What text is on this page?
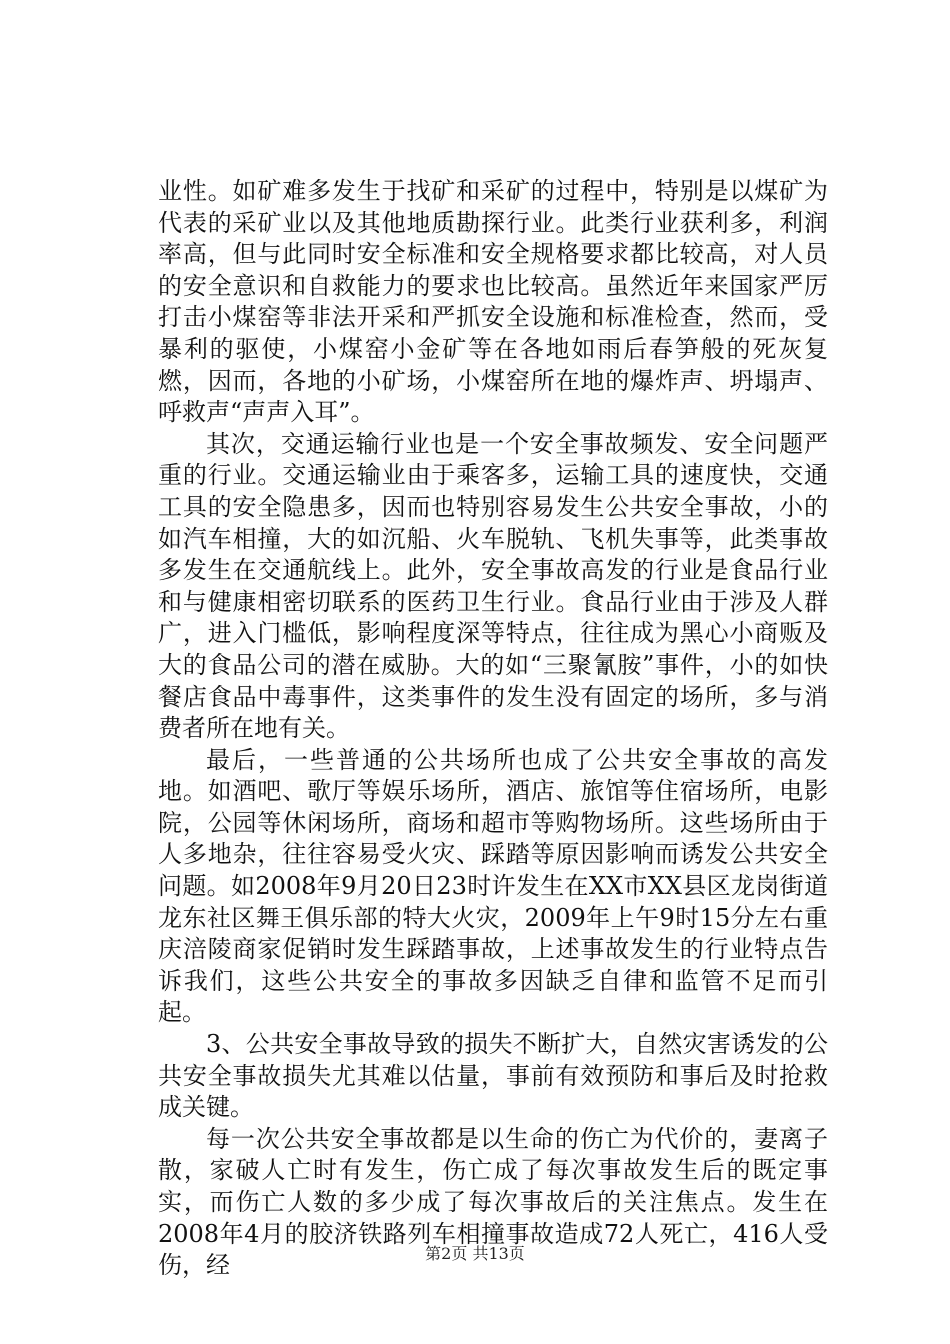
业性。如矿难多发生于找矿和采矿的过程中，特别是以煤矿为代表的采矿业以及其他地质勘探行业。此类行业获利多，利润率高，但与此同时安全标准和安全规格要求都比较高，对人员的安全意识和自救能力的要求也比较高。虽然近年来国家严厉打击小煤窑等非法开采和严抓安全设施和标准检查，然而，受暴利的驱使，小煤窑小金矿等在各地如雨后春笋般的死灰复燃，因而，各地的小矿场，小煤窑所在地的爆炸声、坍塌声、呼救声“声声入耳”。

其次，交通运输行业也是一个安全事故频发、安全问题严重的行业。交通运输业由于乘客多，运输工具的速度快，交通工具的安全隐患多，因而也特别容易发生公共安全事故，小的如汽车相撞，大的如沉船、火车脱轨、飞机失事等，此类事故多发生在交通航线上。此外，安全事故高发的行业是食品行业和与健康相密切联系的医药卫生行业。食品行业由于涉及人群广，进入门槛低，影响程度深等特点，往往成为黑心小商贩及大的食品公司的潜在威胁。大的如“三聚氰胺”事件，小的如快餐店食品中毒事件，这类事件的发生没有固定的场所，多与消费者所在地有关。

最后，一些普通的公共场所也成了公共安全事故的高发地。如酒吧、歌厅等娱乐场所，酒店、旅馆等住宿场所，电影院，公园等休闲场所，商场和超市等购物场所。这些场所由于人多地杂，往往容易受火灾、踩踏等原因影响而诱发公共安全问题。如2008年9月20日23时许发生在XX市XX县区龙岗街道龙东社区舞王俱乐部的特大火灾，2009年上午9时15分左右重庆涪陵商家促销时发生踩踏事故，上述事故发生的行业特点告诉我们，这些公共安全的事故多因缺乏自律和监管不足而引起。

3、公共安全事故导致的损失不断扩大，自然灾害诱发的公共安全事故损失尤其难以估量，事前有效预防和事后及时抢救成关键。

每一次公共安全事故都是以生命的伤亡为代价的，妻离子散，家破人亡时有发生，伤亡成了每次事故发生后的既定事实，而伤亡人数的多少成了每次事故后的关注焦点。发生在2008年4月的胶济铁路列车相撞事故造成72人死亡，416人受伤，经	第2页 共13页
